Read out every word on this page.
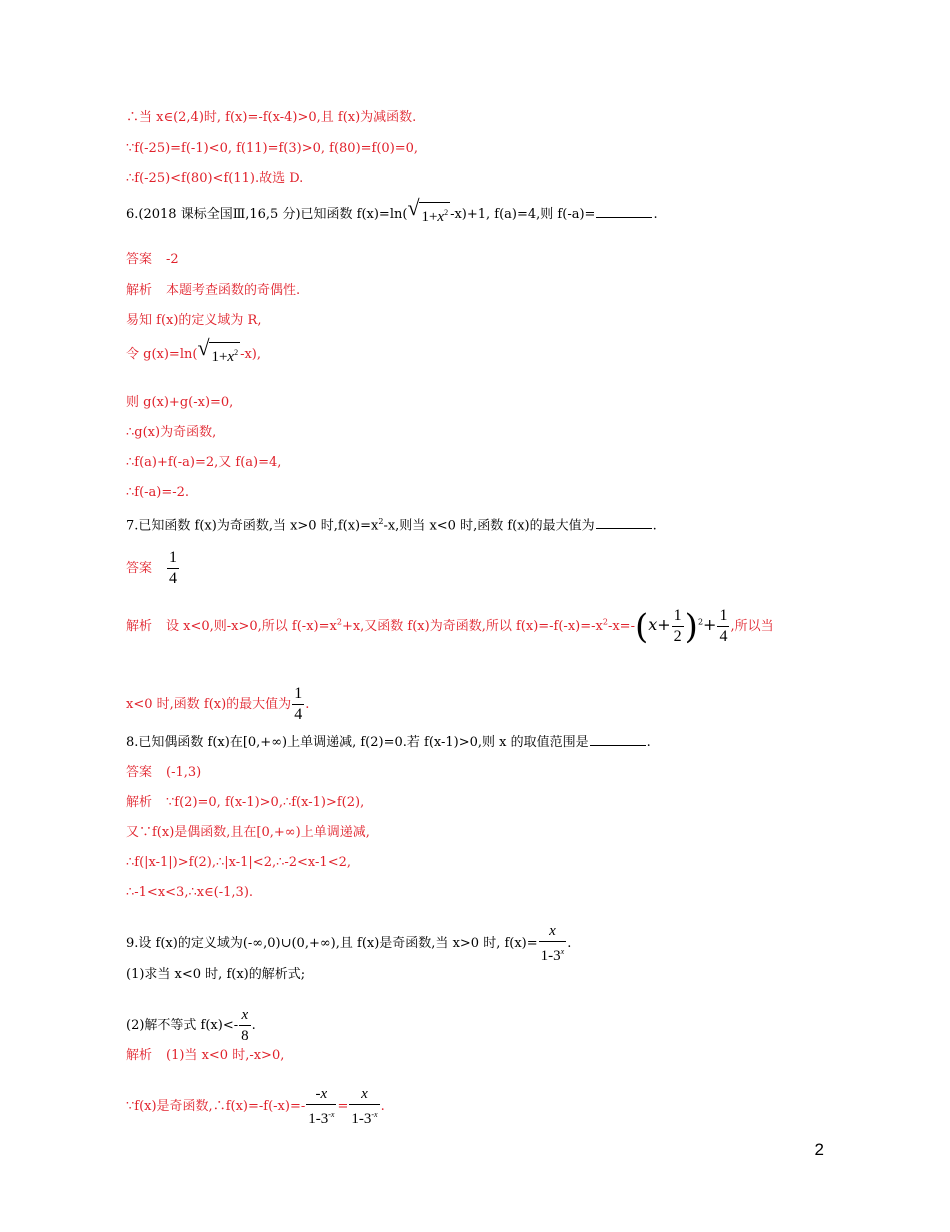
∴当 x∈(2,4)时, f(x)=-f(x-4)>0,且 f(x)为减函数.
∵f(-25)=f(-1)<0, f(11)=f(3)>0, f(80)=f(0)=0,
∴f(-25)<f(80)<f(11).故选 D.
6.(2018 课标全国Ⅲ,16,5 分)已知函数 f(x)=ln( √ $1+x^2$ -x)+1, f(a)=4,则 f(-a)=	.
答案 -2
解析 本题考查函数的奇偶性.
易知 f(x)的定义域为 R,
令 g(x)=ln( √ $1+x^2$ -x),
则 g(x)+g(-x)=0,
∴g(x)为奇函数,
∴f(a)+f(-a)=2,又 f(a)=4,
∴f(-a)=-2.
7.已知函数 f(x)为奇函数,当 x>0 时$,f(x)=x^2-x$,则当 x<0 时,函数 f(x)的最大值为	.
答案 $\frac{1}{4}$
解析 设 x<0,则-x>0,所以 $f(-x)=x^2+x$,又函数 f(x)为奇函数,所以 $f(x)=-f(-x)=-x^2-x=-(x+ \frac{1}{2} )^2+ \frac{1}{4}$ ,所以当
x<0 时,函数 f(x)的最大值为 $\frac{1}{4}$ .
8.已知偶函数 f(x)在[0,+∞)上单调递减, f(2)=0.若 f(x-1)>0,则 x 的取值范围是	.
答案 (-1,3)
解析 ∵f(2)=0, f(x-1)>0,∴f(x-1)>f(2),
又∵f(x)是偶函数,且在[0,+∞)上单调递减,
∴f(|x-1|)>f(2),∴|x-1|<2,∴-2<x-1<2,
∴-1<x<3,∴x∈(-1,3).
9.设 f(x)的定义域为(-∞,0)∪(0,+∞),且 f(x)是奇函数,当 x>0 时, $f(x)= \frac{x}{1-3^x}$ .
(1)求当 x<0 时, f(x)的解析式;
(2)解不等式 $f(x)<- \frac{x}{8}$ .
解析 (1)当 x<0 时,-x>0,
∵f(x)是奇函数,∴f(x)=-f(-x)=- $\frac{-x}{1-3^{-x}} = \frac{x}{1-3^{-x}}$ .
2
